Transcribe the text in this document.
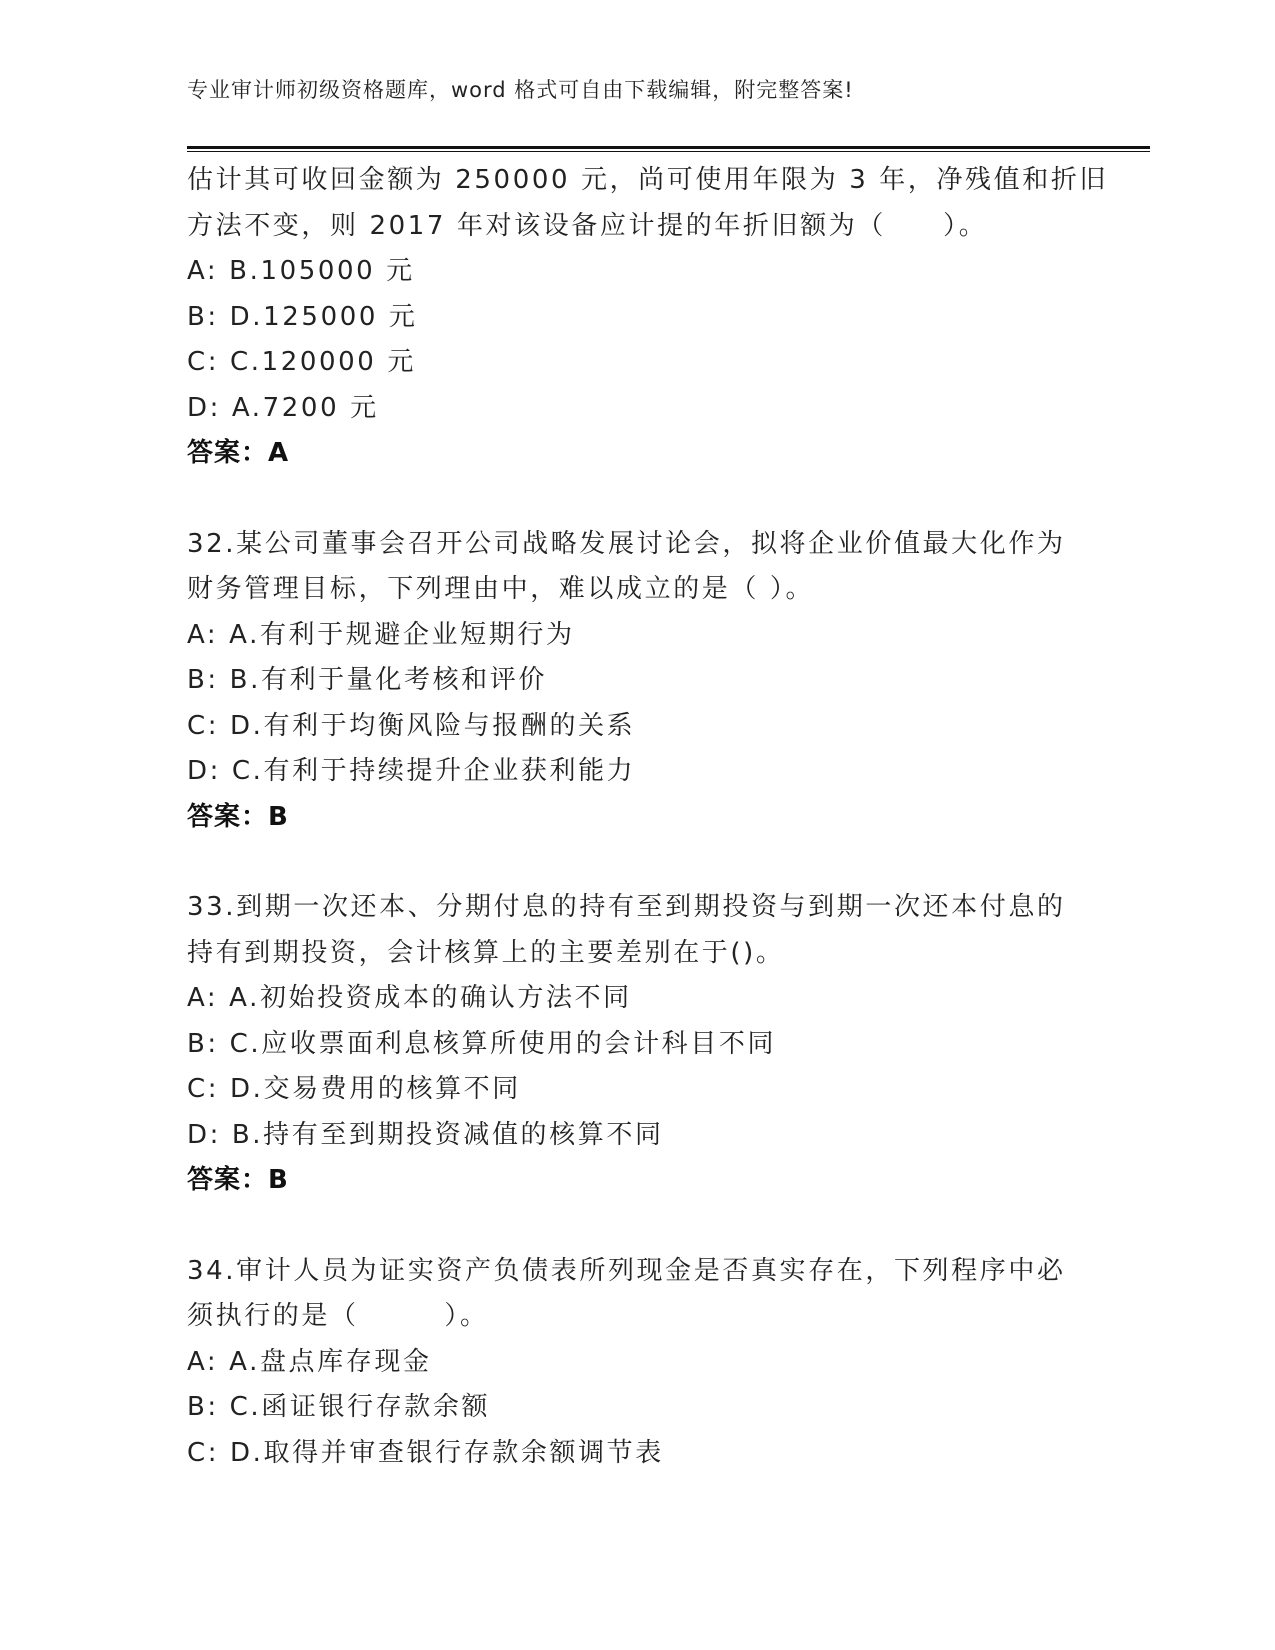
专业审计师初级资格题库，word 格式可自由下载编辑，附完整答案!
估计其可收回金额为 250000 元，尚可使用年限为 3 年，净残值和折旧
方法不变，则 2017 年对该设备应计提的年折旧额为（　　）。
A: B.105000 元
B: D.125000 元
C: C.120000 元
D: A.7200 元
答案：A
32.某公司董事会召开公司战略发展讨论会，拟将企业价值最大化作为
财务管理目标，下列理由中，难以成立的是（ ）。
A: A.有利于规避企业短期行为
B: B.有利于量化考核和评价
C: D.有利于均衡风险与报酬的关系
D: C.有利于持续提升企业获利能力
答案：B
33.到期一次还本、分期付息的持有至到期投资与到期一次还本付息的
持有到期投资，会计核算上的主要差别在于()。
A: A.初始投资成本的确认方法不同
B: C.应收票面利息核算所使用的会计科目不同
C: D.交易费用的核算不同
D: B.持有至到期投资减值的核算不同
答案：B
34.审计人员为证实资产负债表所列现金是否真实存在，下列程序中必
须执行的是（　　　）。
A: A.盘点库存现金
B: C.函证银行存款余额
C: D.取得并审查银行存款余额调节表
